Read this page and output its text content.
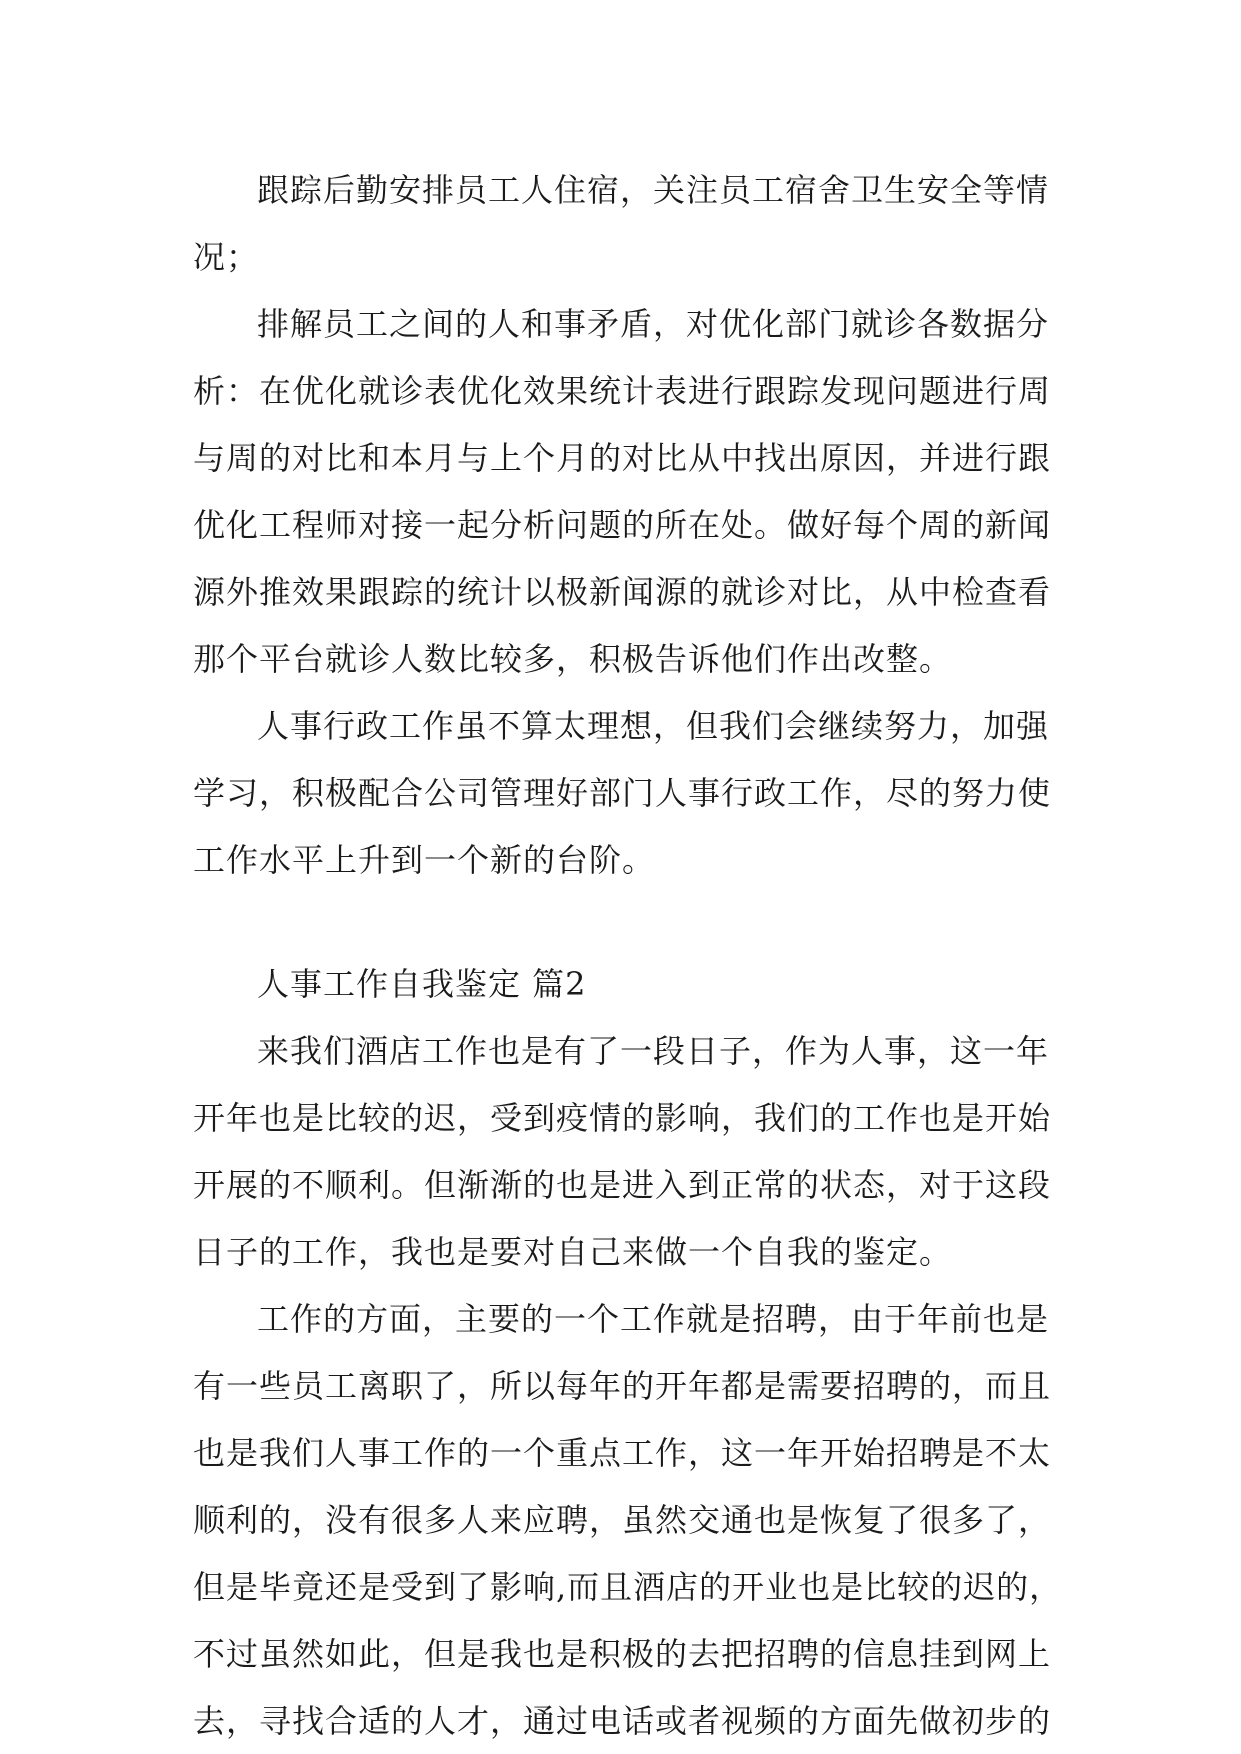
跟踪后勤安排员工人住宿，关注员工宿舍卫生安全等情
况；
排解员工之间的人和事矛盾，对优化部门就诊各数据分
析：在优化就诊表优化效果统计表进行跟踪发现问题进行周
与周的对比和本月与上个月的对比从中找出原因，并进行跟
优化工程师对接一起分析问题的所在处。做好每个周的新闻
源外推效果跟踪的统计以极新闻源的就诊对比，从中检查看
那个平台就诊人数比较多，积极告诉他们作出改整。
人事行政工作虽不算太理想，但我们会继续努力，加强
学习，积极配合公司管理好部门人事行政工作，尽的努力使
工作水平上升到一个新的台阶。
人事工作自我鉴定 篇2
来我们酒店工作也是有了一段日子，作为人事，这一年
开年也是比较的迟，受到疫情的影响，我们的工作也是开始
开展的不顺利。但渐渐的也是进入到正常的状态，对于这段
日子的工作，我也是要对自己来做一个自我的鉴定。
工作的方面，主要的一个工作就是招聘，由于年前也是
有一些员工离职了，所以每年的开年都是需要招聘的，而且
也是我们人事工作的一个重点工作，这一年开始招聘是不太
顺利的，没有很多人来应聘，虽然交通也是恢复了很多了，
但是毕竟还是受到了影响,而且酒店的开业也是比较的迟的，
不过虽然如此，但是我也是积极的去把招聘的信息挂到网上
去，寻找合适的人才，通过电话或者视频的方面先做初步的
